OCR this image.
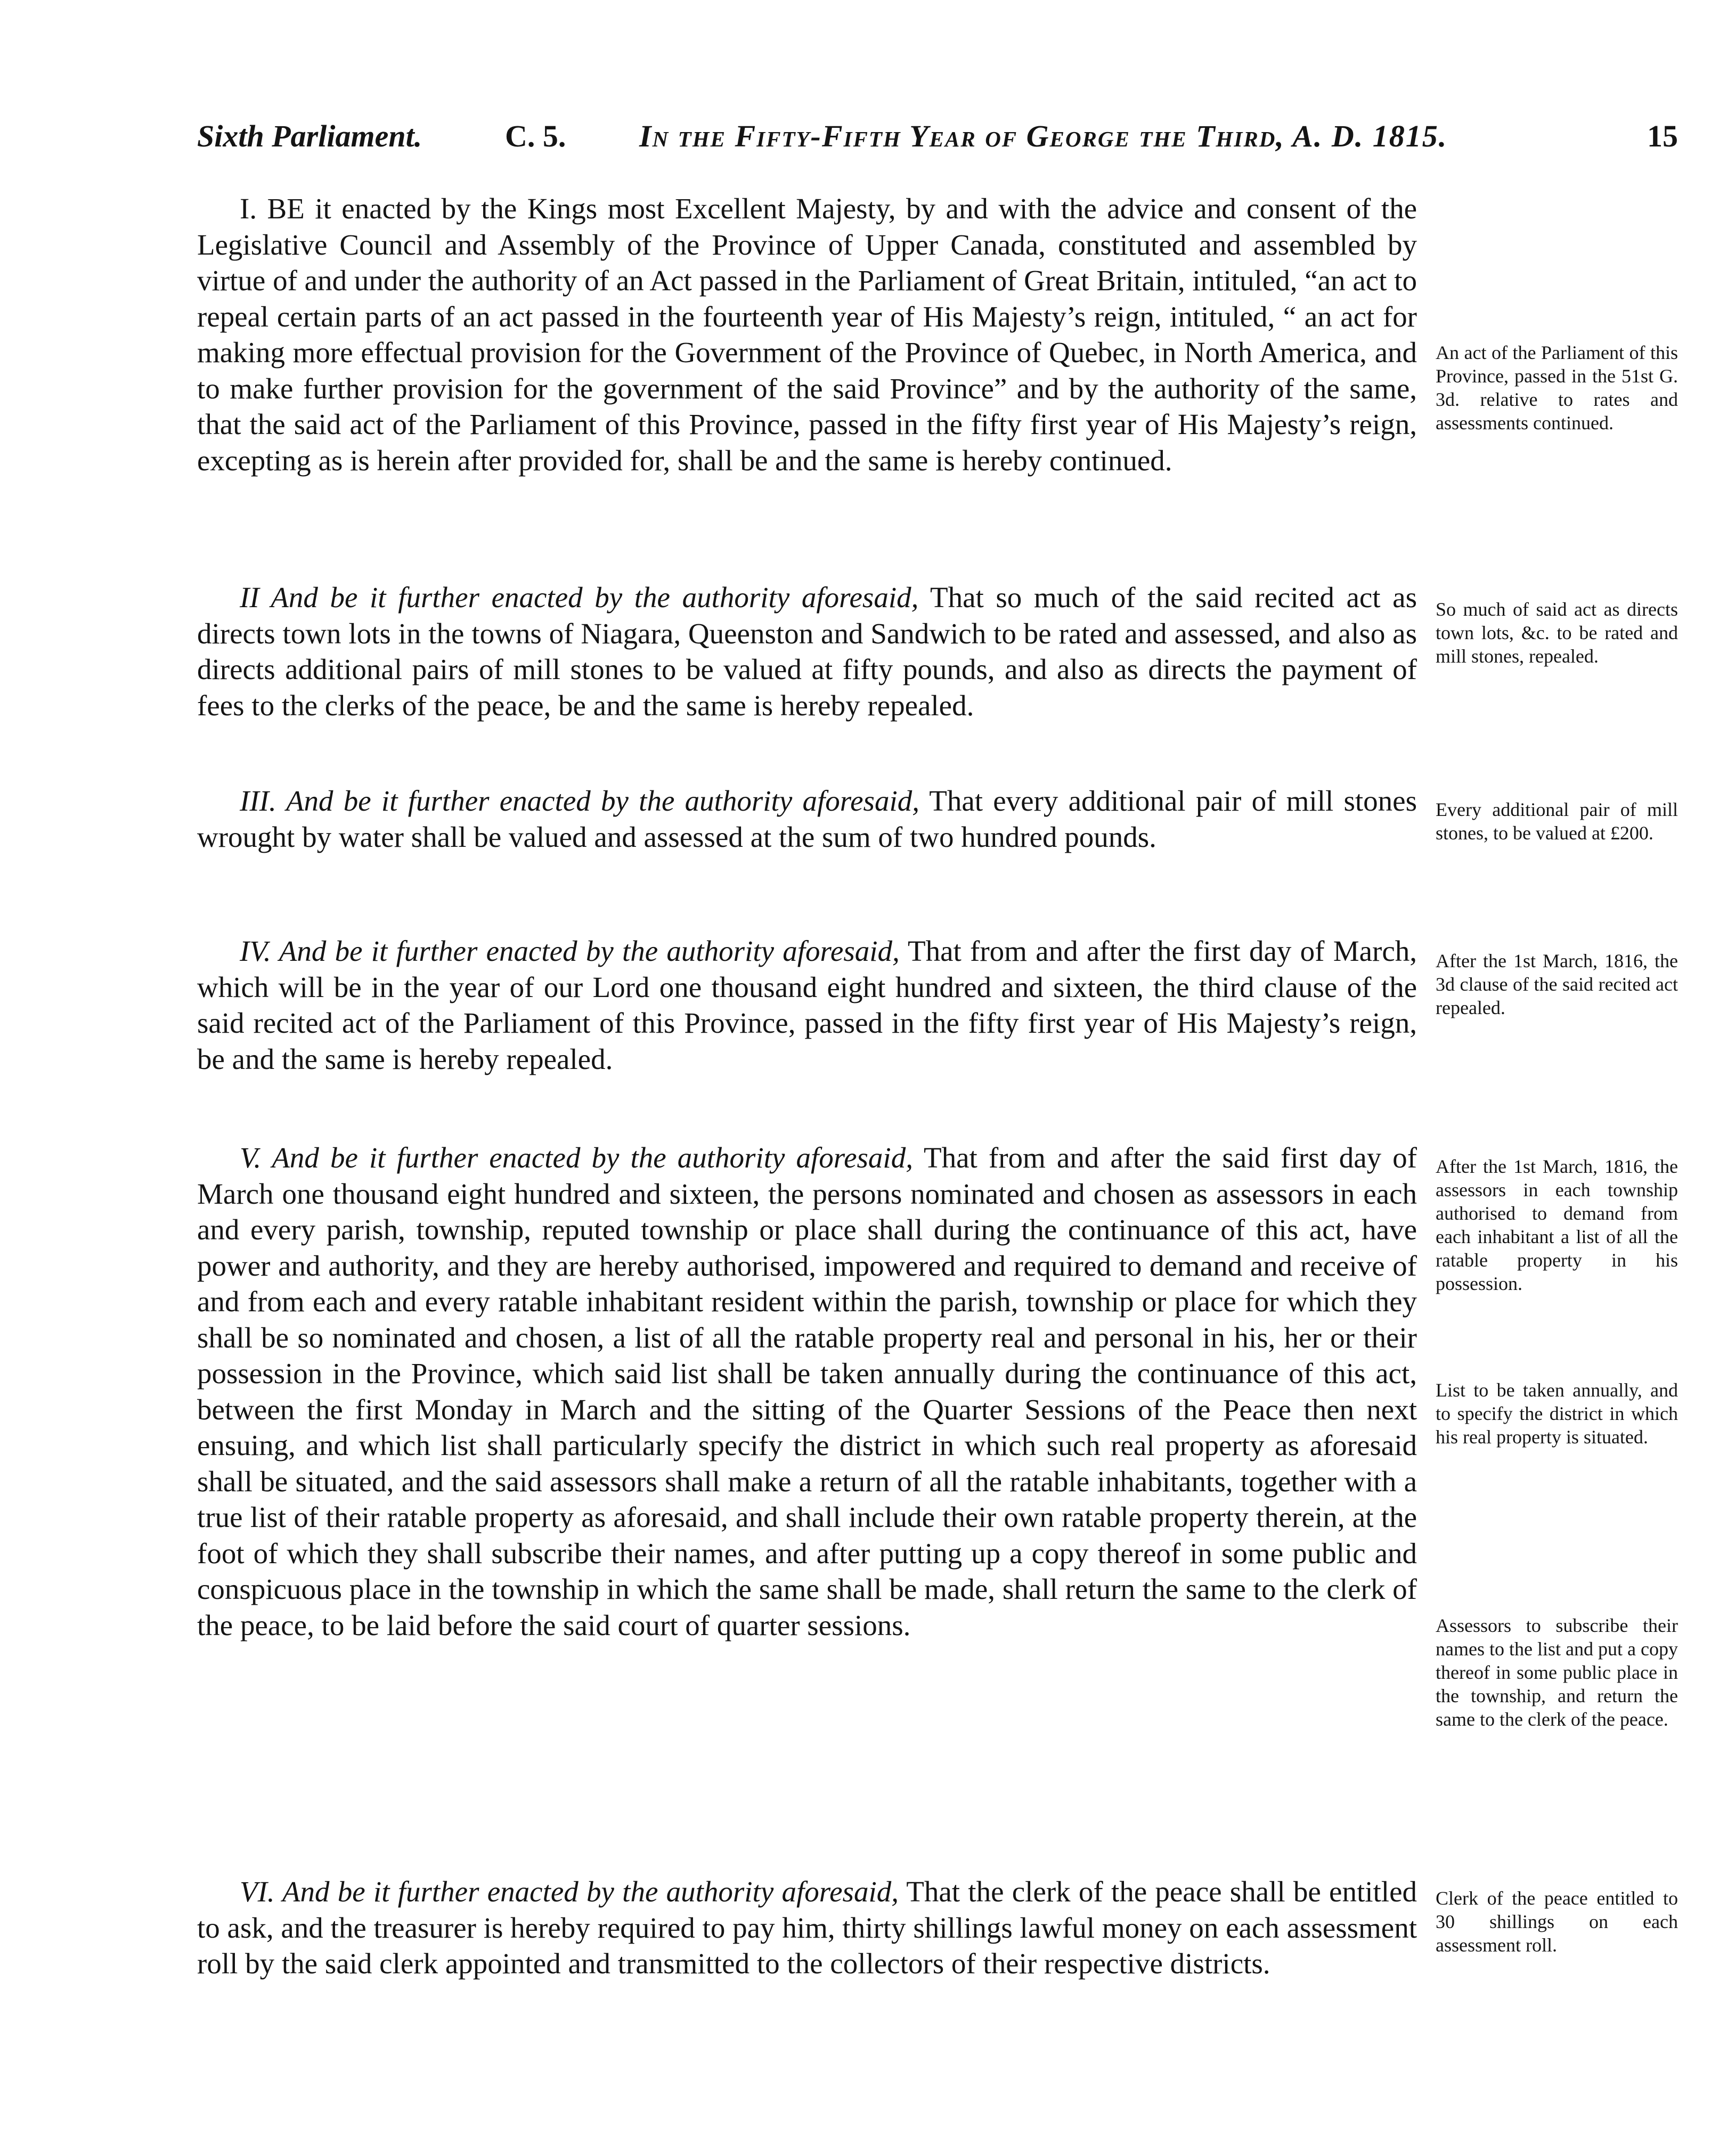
Sixth Parliament.	C. 5. In the Fifty-Fifth Year of George the Third, A. D. 1815.	15

I. BE it enacted by the Kings most Excellent Majesty, by and with the advice and consent of the Legislative Council and Assembly of the Province of Upper Canada, constituted and assembled by virtue of and under the authority of an Act passed in the Parliament of Great Britain, intituled, “an act to repeal certain parts of an act passed in the fourteenth year of His Majesty’s reign, intituled, “ an act for making more effectual provision for the Government of the Province of Quebec, in North America, and to make further provision for the government of the said Province” and by the authority of the same, that the said act of the Parliament of this Province, passed in the fifty first year of His Majesty’s reign, excepting as is herein after provided for, shall be and the same is hereby continued.

An act of the Parliament of this Province, passed in the 51st G. 3d. relative to rates and assessments continued.

II And be it further enacted by the authority aforesaid, That so much of the said recited act as directs town lots in the towns of Niagara, Queenston and Sandwich to be rated and assessed, and also as directs additional pairs of mill stones to be valued at fifty pounds, and also as directs the payment of fees to the clerks of the peace, be and the same is hereby repealed.

So much of said act as directs town lots, &c. to be rated and mill stones, repealed.

III. And be it further enacted by the authority aforesaid, That every additional pair of mill stones wrought by water shall be valued and assessed at the sum of two hundred pounds.

Every additional pair of mill stones, to be valued at £200.

IV. And be it further enacted by the authority aforesaid, That from and after the first day of March, which will be in the year of our Lord one thousand eight hundred and sixteen, the third clause of the said recited act of the Parliament of this Province, passed in the fifty first year of His Majesty’s reign, be and the same is hereby repealed.

After the 1st March, 1816, the 3d clause of the said recited act repealed.

V. And be it further enacted by the authority aforesaid, That from and after the said first day of March one thousand eight hundred and sixteen, the persons nominated and chosen as assessors in each and every parish, township, reputed township or place shall during the continuance of this act, have power and authority, and they are hereby authorised, impowered and required to demand and receive of and from each and every ratable inhabitant resident within the parish, township or place for which they shall be so nominated and chosen, a list of all the ratable property real and personal in his, her or their possession in the Province, which said list shall be taken annually during the continuance of this act, between the first Monday in March and the sitting of the Quarter Sessions of the Peace then next ensuing, and which list shall particularly specify the district in which such real property as aforesaid shall be situated, and the said assessors shall make a return of all the ratable inhabitants, together with a true list of their ratable property as aforesaid, and shall include their own ratable property therein, at the foot of which they shall subscribe their names, and after putting up a copy thereof in some public and conspicuous place in the township in which the same shall be made, shall return the same to the clerk of the peace, to be laid before the said court of quarter sessions.

After the 1st March, 1816, the assessors in each township authorised to demand from each inhabitant a list of all the ratable property in his possession.

List to be taken annually, and to specify the district in which his real property is situated.

Assessors to subscribe their names to the list and put a copy thereof in some public place in the township, and return the same to the clerk of the peace.

VI. And be it further enacted by the authority aforesaid, That the clerk of the peace shall be entitled to ask, and the treasurer is hereby required to pay him, thirty shillings lawful money on each assessment roll by the said clerk appointed and transmitted to the collectors of their respective districts.

Clerk of the peace entitled to 30 shillings on each assessment roll.
